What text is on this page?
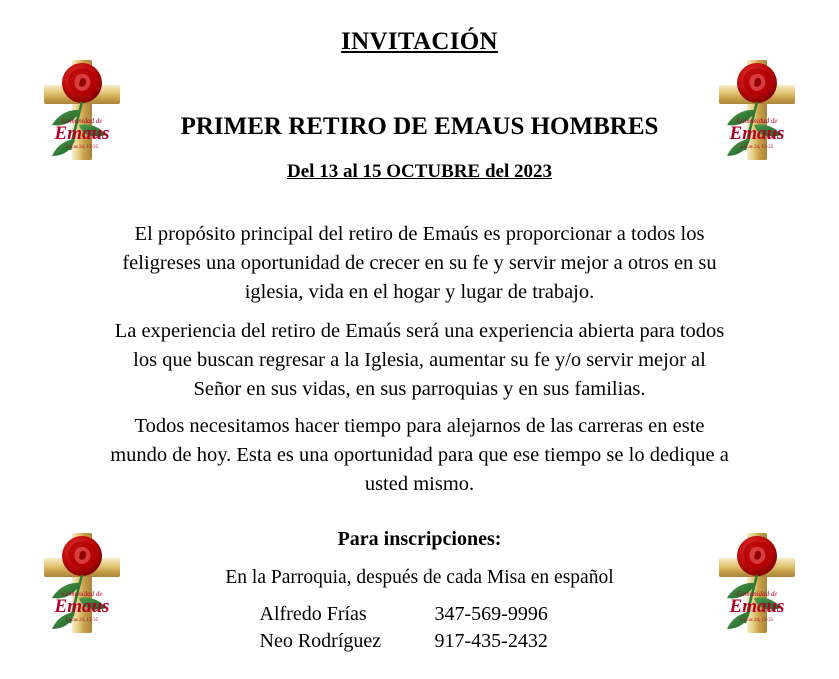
Emaus
Comunidad de
Lucas 24, 13-35
Emaus
Comunidad de
Lucas 24, 13-35
Emaus
Comunidad de
Lucas 24, 13-35
Emaus
Comunidad de
Lucas 24, 13-35
INVITACIÓN
PRIMER RETIRO DE EMAUS HOMBRES
Del 13 al 15 OCTUBRE del 2023
El propósito principal del retiro de Emaús es proporcionar a todos los feligreses una oportunidad de crecer en su fe y servir mejor a otros en su iglesia, vida en el hogar y lugar de trabajo.
La experiencia del retiro de Emaús será una experiencia abierta para todos los que buscan regresar a la Iglesia, aumentar su fe y/o servir mejor al Señor en sus vidas, en sus parroquias y en sus familias.
Todos necesitamos hacer tiempo para alejarnos de las carreras en este mundo de hoy. Esta es una oportunidad para que ese tiempo se lo dedique a usted mismo.
Para inscripciones:
En la Parroquia, después de cada Misa en español
Alfredo Frías	347-569-9996
Neo Rodríguez	917-435-2432
